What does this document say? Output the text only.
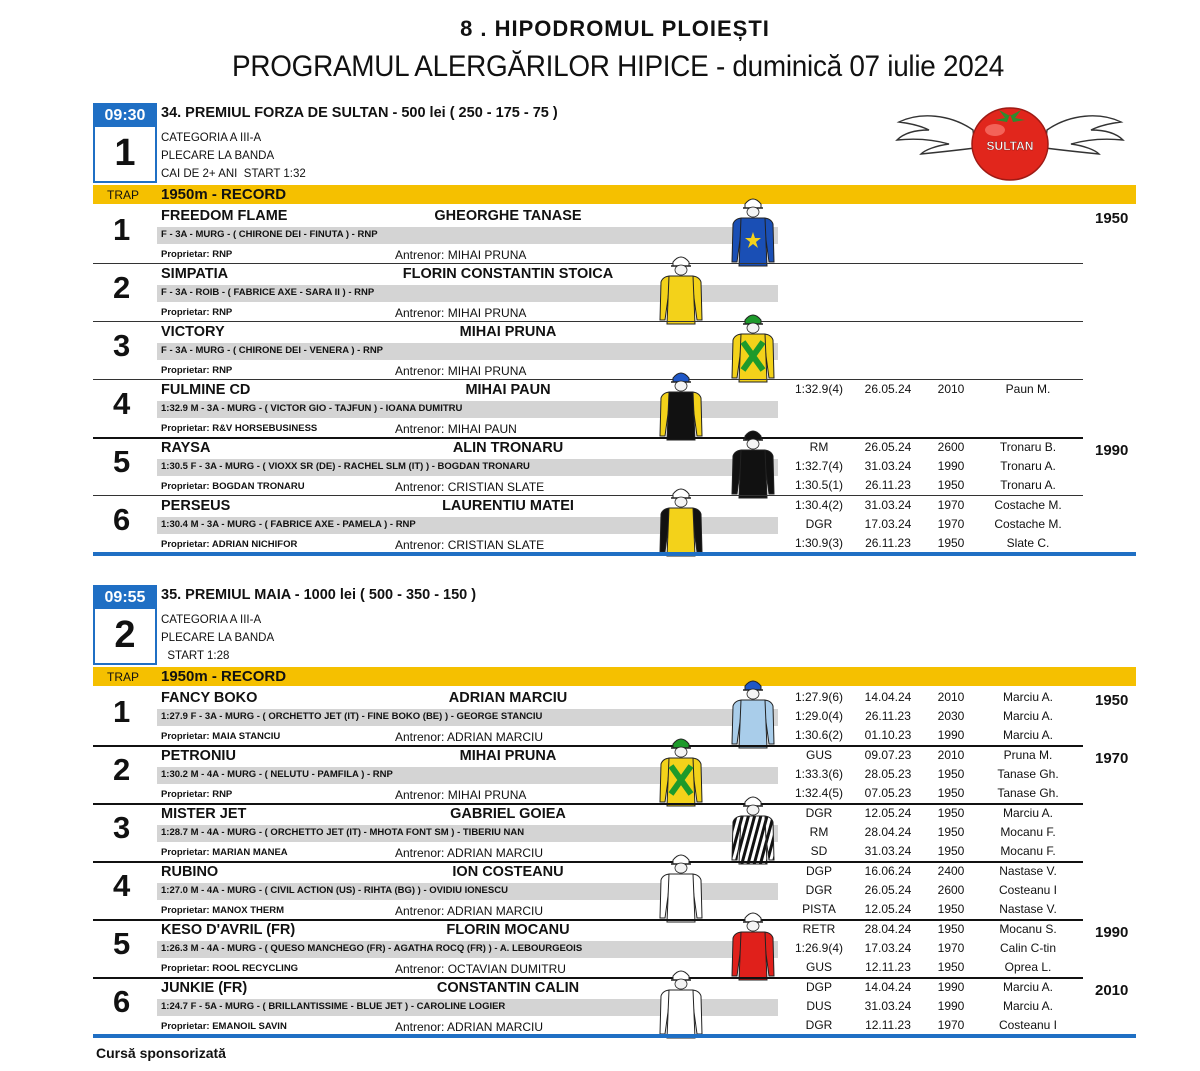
8 . HIPODROMUL PLOIEȘTI
PROGRAMUL ALERGĂRILOR HIPICE - duminică 07 iulie 2024
SULTAN
09:30
1
34. PREMIUL FORZA DE SULTAN - 500 lei ( 250 - 175 - 75 )
CATEGORIA A III-A
PLECARE LA BANDA
CAI DE 2+ ANI  START 1:32
TRAP 1950m - RECORD
1 FREEDOM FLAME	GHEORGHE TANASE
F - 3A - MURG - ( CHIRONE DEI - FINUTA ) - RNP
Proprietar: RNP	Antrenor: MIHAI PRUNA
1950
2 SIMPATIA	FLORIN CONSTANTIN STOICA
F - 3A - ROIB - ( FABRICE AXE - SARA II ) - RNP
Proprietar: RNP	Antrenor: MIHAI PRUNA
3 VICTORY	MIHAI PRUNA
F - 3A - MURG - ( CHIRONE DEI - VENERA ) - RNP
Proprietar: RNP	Antrenor: MIHAI PRUNA
4 FULMINE CD	MIHAI PAUN
1:32.9 M - 3A - MURG - ( VICTOR GIO - TAJFUN ) - IOANA DUMITRU
Proprietar: R&V HORSEBUSINESS	Antrenor: MIHAI PAUN
1:32.9(4)	26.05.24	2010	Paun M.
5 RAYSA	ALIN TRONARU
1:30.5 F - 3A - MURG - ( VIOXX SR (DE) - RACHEL SLM (IT) ) - BOGDAN TRONARU
Proprietar: BOGDAN TRONARU	Antrenor: CRISTIAN SLATE
RM	26.05.24	2600	Tronaru B.
1:32.7(4)	31.03.24	1990	Tronaru A.
1:30.5(1)	26.11.23	1950	Tronaru A.
1990
6 PERSEUS	LAURENTIU MATEI
1:30.4 M - 3A - MURG - ( FABRICE AXE - PAMELA ) - RNP
Proprietar: ADRIAN NICHIFOR	Antrenor: CRISTIAN SLATE
1:30.4(2)	31.03.24	1970	Costache M.
DGR	17.03.24	1970	Costache M.
1:30.9(3)	26.11.23	1950	Slate C.
09:55
2
35. PREMIUL MAIA - 1000 lei ( 500 - 350 - 150 )
CATEGORIA A III-A
PLECARE LA BANDA
START 1:28
TRAP 1950m - RECORD
1 FANCY BOKO	ADRIAN MARCIU
1:27.9 F - 3A - MURG - ( ORCHETTO JET (IT) - FINE BOKO (BE) ) - GEORGE STANCIU
Proprietar: MAIA STANCIU	Antrenor: ADRIAN MARCIU
1:27.9(6)	14.04.24	2010	Marciu A.
1:29.0(4)	26.11.23	2030	Marciu A.
1:30.6(2)	01.10.23	1990	Marciu A.
1950
2 PETRONIU	MIHAI PRUNA
1:30.2 M - 4A - MURG - ( NELUTU - PAMFILA ) - RNP
Proprietar: RNP	Antrenor: MIHAI PRUNA
GUS	09.07.23	2010	Pruna M.
1:33.3(6)	28.05.23	1950	Tanase Gh.
1:32.4(5)	07.05.23	1950	Tanase Gh.
1970
3 MISTER JET	GABRIEL GOIEA
1:28.7 M - 4A - MURG - ( ORCHETTO JET (IT) - MHOTA FONT SM ) - TIBERIU NAN
Proprietar: MARIAN MANEA	Antrenor: ADRIAN MARCIU
DGR	12.05.24	1950	Marciu A.
RM	28.04.24	1950	Mocanu F.
SD	31.03.24	1950	Mocanu F.
4 RUBINO	ION COSTEANU
1:27.0 M - 4A - MURG - ( CIVIL ACTION (US) - RIHTA (BG) ) - OVIDIU IONESCU
Proprietar: MANOX THERM	Antrenor: ADRIAN MARCIU
DGP	16.06.24	2400	Nastase V.
DGR	26.05.24	2600	Costeanu I
PISTA	12.05.24	1950	Nastase V.
5 KESO D'AVRIL (FR)	FLORIN MOCANU
1:26.3 M - 4A - MURG - ( QUESO MANCHEGO (FR) - AGATHA ROCQ (FR) ) - A. LEBOURGEOIS
Proprietar: ROOL RECYCLING	Antrenor: OCTAVIAN DUMITRU
RETR	28.04.24	1950	Mocanu S.
1:26.9(4)	17.03.24	1970	Calin C-tin
GUS	12.11.23	1950	Oprea L.
1990
6 JUNKIE (FR)	CONSTANTIN CALIN
1:24.7 F - 5A - MURG - ( BRILLANTISSIME - BLUE JET ) - CAROLINE LOGIER
Proprietar: EMANOIL SAVIN	Antrenor: ADRIAN MARCIU
DGP	14.04.24	1990	Marciu A.
DUS	31.03.24	1990	Marciu A.
DGR	12.11.23	1970	Costeanu I
2010
Cursă sponsorizată
